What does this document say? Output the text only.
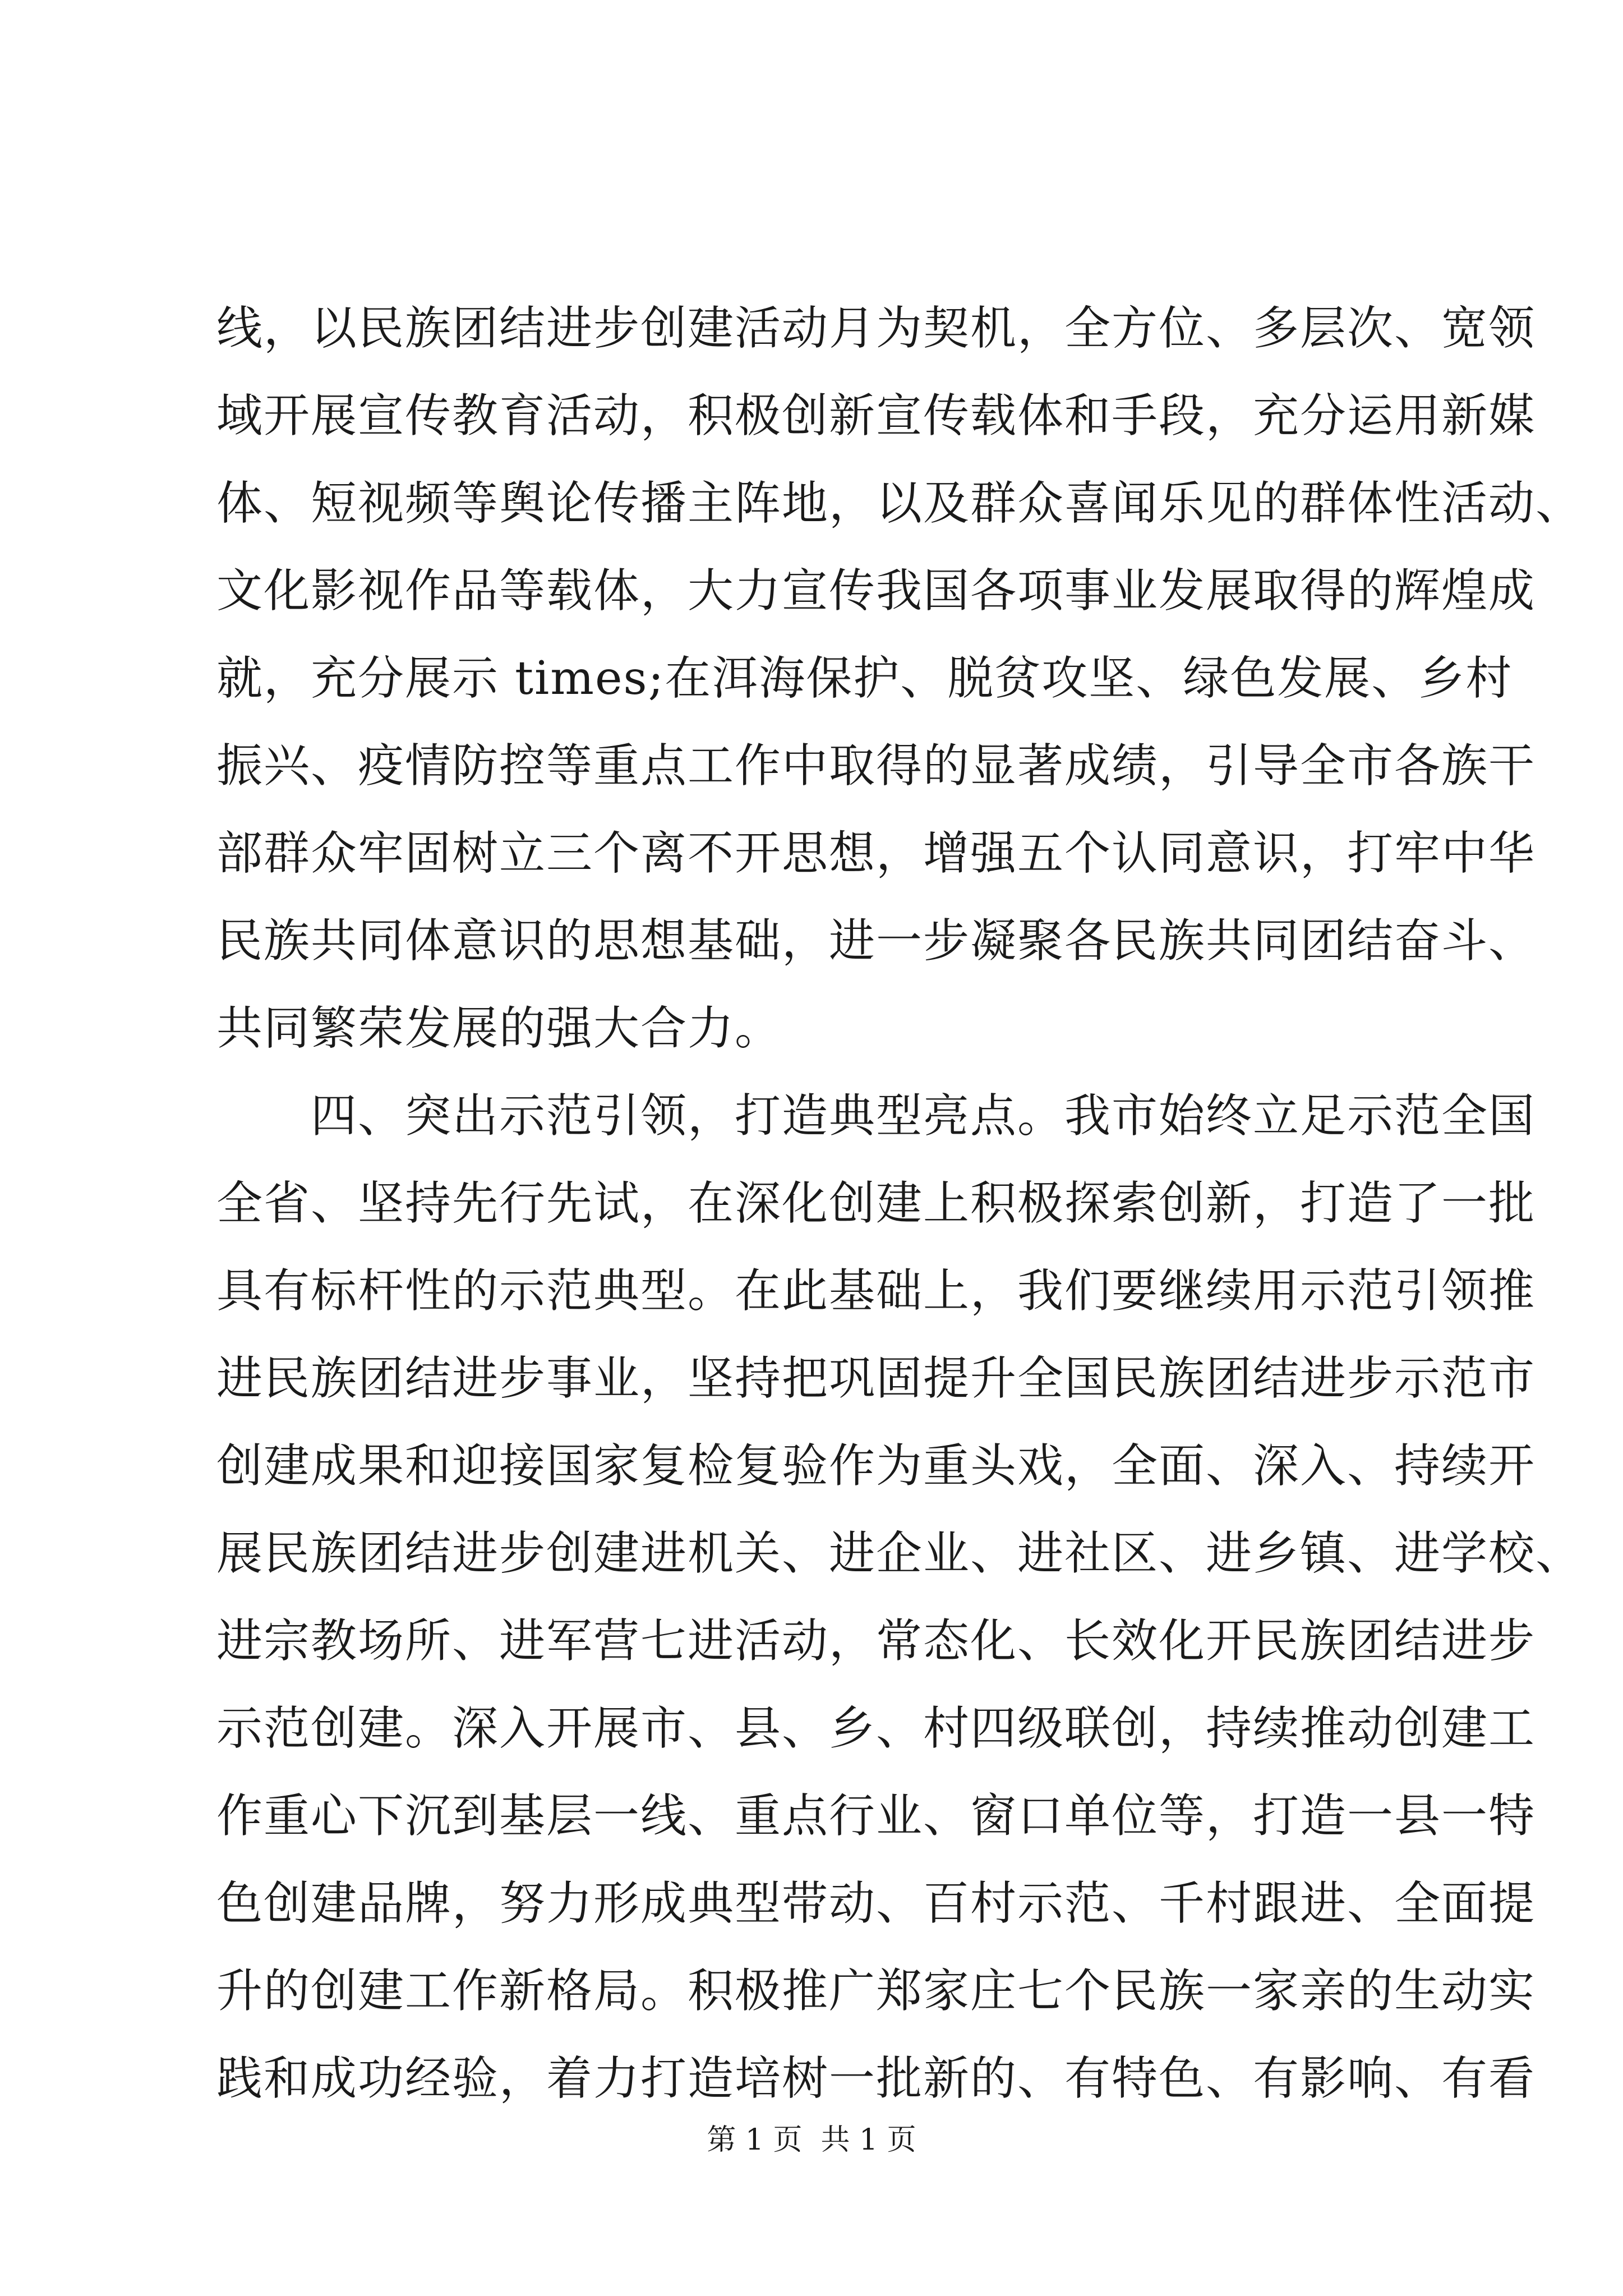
线，以民族团结进步创建活动月为契机，全方位、多层次、宽领
域开展宣传教育活动，积极创新宣传载体和手段，充分运用新媒
体、短视频等舆论传播主阵地，以及群众喜闻乐见的群体性活动、
文化影视作品等载体，大力宣传我国各项事业发展取得的辉煌成
就，充分展示 times;在洱海保护、脱贫攻坚、绿色发展、乡村
振兴、疫情防控等重点工作中取得的显著成绩，引导全市各族干
部群众牢固树立三个离不开思想，增强五个认同意识，打牢中华
民族共同体意识的思想基础，进一步凝聚各民族共同团结奋斗、
共同繁荣发展的强大合力。
四、突出示范引领，打造典型亮点。我市始终立足示范全国
全省、坚持先行先试，在深化创建上积极探索创新，打造了一批
具有标杆性的示范典型。在此基础上，我们要继续用示范引领推
进民族团结进步事业，坚持把巩固提升全国民族团结进步示范市
创建成果和迎接国家复检复验作为重头戏，全面、深入、持续开
展民族团结进步创建进机关、进企业、进社区、进乡镇、进学校、
进宗教场所、进军营七进活动，常态化、长效化开民族团结进步
示范创建。深入开展市、县、乡、村四级联创，持续推动创建工
作重心下沉到基层一线、重点行业、窗口单位等，打造一县一特
色创建品牌，努力形成典型带动、百村示范、千村跟进、全面提
升的创建工作新格局。积极推广郑家庄七个民族一家亲的生动实
践和成功经验，着力打造培树一批新的、有特色、有影响、有看
第 1 页  共 1 页
